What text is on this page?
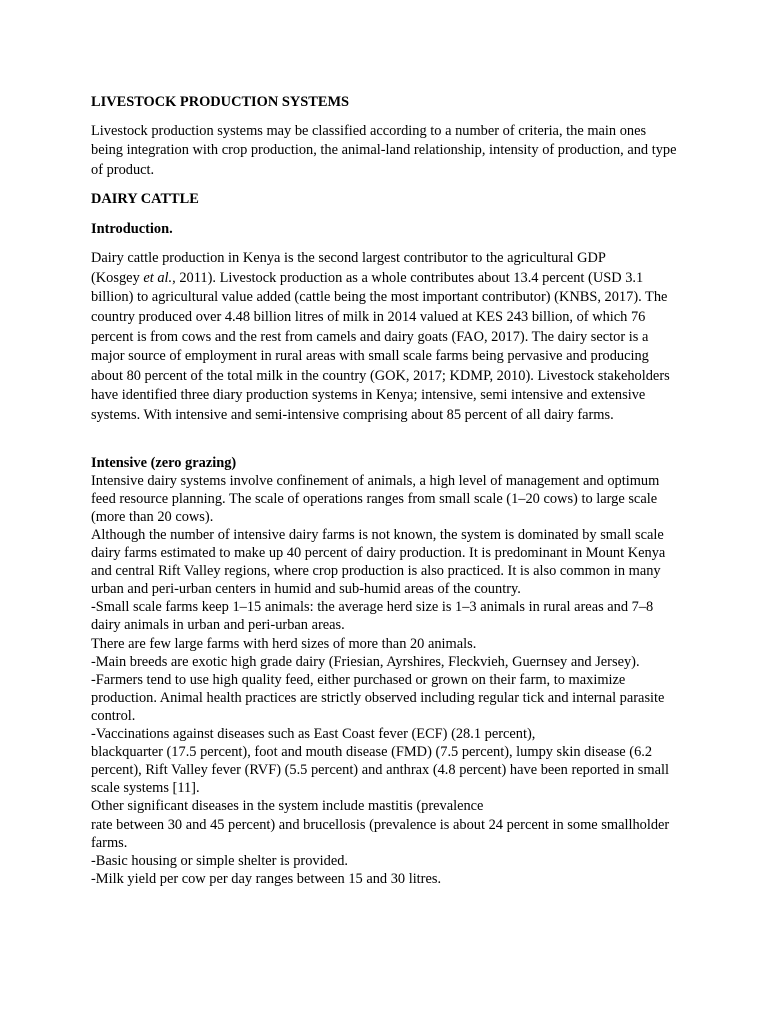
LIVESTOCK PRODUCTION SYSTEMS

Livestock production systems may be classified according to a number of criteria, the main ones being integration with crop production, the animal-land relationship, intensity of production, and type of product.

DAIRY CATTLE

Introduction.

Dairy cattle production in Kenya is the second largest contributor to the agricultural GDP

(Kosgey et al., 2011). Livestock production as a whole contributes about 13.4 percent (USD 3.1

billion) to agricultural value added (cattle being the most important contributor) (KNBS, 2017). The country produced over 4.48 billion litres of milk in 2014 valued at KES 243 billion, of which 76 percent is from cows and the rest from camels and dairy goats (FAO, 2017). The dairy sector is a major source of employment in rural areas with small scale farms being pervasive and producing about 80 percent of the total milk in the country (GOK, 2017; KDMP, 2010). Livestock stakeholders have identified three diary production systems in Kenya; intensive, semi intensive and extensive systems. With intensive and semi-intensive comprising about 85 percent of all dairy farms.

Intensive (zero grazing)

Intensive dairy systems involve confinement of animals, a high level of management and optimum feed resource planning. The scale of operations ranges from small scale (1–20 cows) to large scale (more than 20 cows).

Although the number of intensive dairy farms is not known, the system is dominated by small scale dairy farms estimated to make up 40 percent of dairy production. It is predominant in Mount Kenya and central Rift Valley regions, where crop production is also practiced. It is also common in many urban and peri-urban centers in humid and sub-humid areas of the country.

-Small scale farms keep 1–15 animals: the average herd size is 1–3 animals in rural areas and 7–8 dairy animals in urban and peri-urban areas.

There are few large farms with herd sizes of more than 20 animals.

-Main breeds are exotic high grade dairy (Friesian, Ayrshires, Fleckvieh, Guernsey and Jersey).

-Farmers tend to use high quality feed, either purchased or grown on their farm, to maximize production. Animal health practices are strictly observed including regular tick and internal parasite control.

-Vaccinations against diseases such as East Coast fever (ECF) (28.1 percent),

blackquarter (17.5 percent), foot and mouth disease (FMD) (7.5 percent), lumpy skin disease (6.2 percent), Rift Valley fever (RVF) (5.5 percent) and anthrax (4.8 percent) have been reported in small scale systems [11].

Other significant diseases in the system include mastitis (prevalence

rate between 30 and 45 percent) and brucellosis (prevalence is about 24 percent in some smallholder farms.

-Basic housing or simple shelter is provided.

-Milk yield per cow per day ranges between 15 and 30 litres.
